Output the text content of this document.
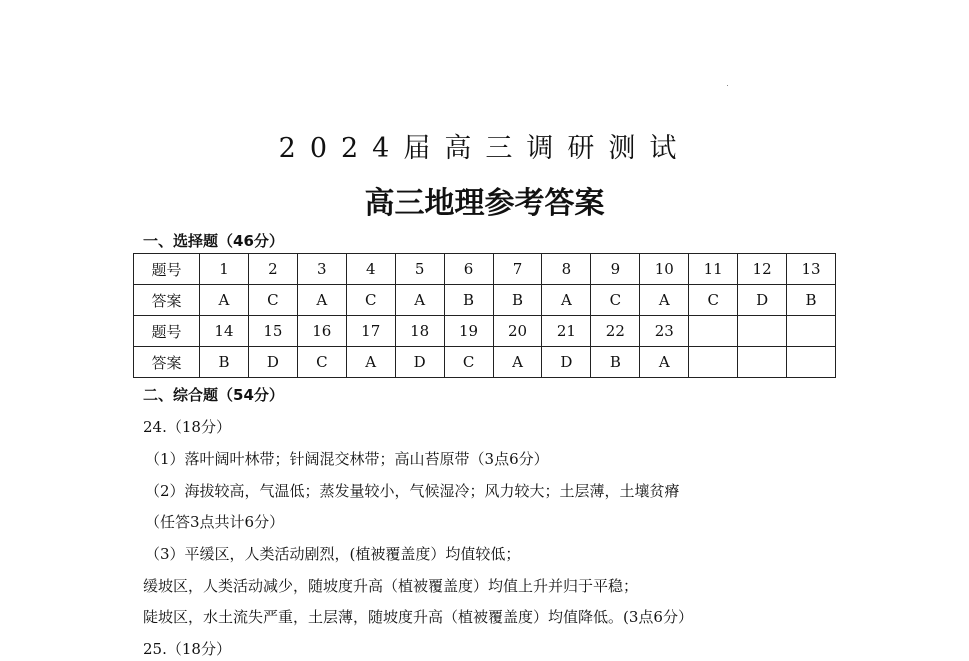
2024届高三调研测试
高三地理参考答案
一、选择题（46分）
题号	1	2	3	4	5	6	7	8	9	10	11	12	13
答案	A	C	A	C	A	B	B	A	C	A	C	D	B
题号	14	15	16	17	18	19	20	21	22	23			
答案	B	D	C	A	D	C	A	D	B	A			
二、综合题（54分）
24.（18分）
（1）落叶阔叶林带；针阔混交林带；高山苔原带（3点6分）
（2）海拔较高，气温低；蒸发量较小，气候湿冷；风力较大；土层薄，土壤贫瘠
（任答3点共计6分）
（3）平缓区，人类活动剧烈，(植被覆盖度）均值较低；
缓坡区，人类活动减少，随坡度升高（植被覆盖度）均值上升并归于平稳；
陡坡区，水土流失严重，土层薄，随坡度升高（植被覆盖度）均值降低。(3点6分）
25.（18分）
